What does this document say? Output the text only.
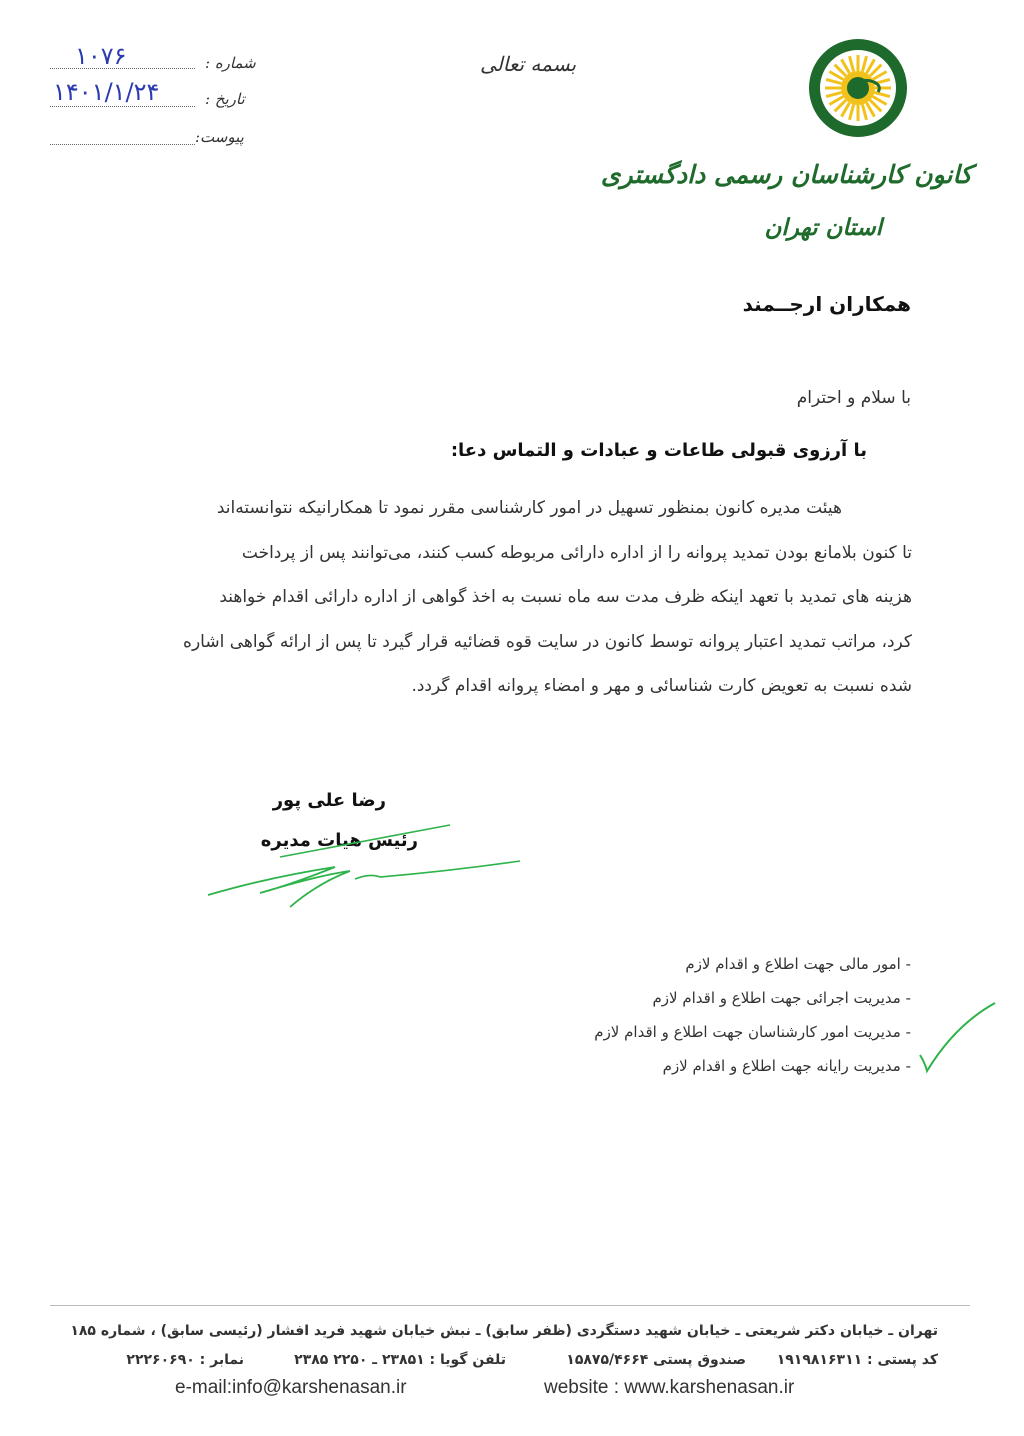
۱۰۷۶	شماره :
۱۴۰۱/۱/۲۴	تاریخ :
پیوست:
بسمه تعالی
کانون کارشناسان رسمی دادگستری
استان تهران
همکاران ارجــمند
با سلام و احترام
با آرزوی قبولی طاعات و عبادات و التماس دعا:
هیئت مدیره کانون بمنظور تسهیل در امور کارشناسی مقرر نمود تا همکارانیکه نتوانسته‌اند
تا کنون بلامانع بودن تمدید پروانه را از اداره دارائی مربوطه کسب کنند، می‌توانند پس از پرداخت
هزینه های تمدید با تعهد اینکه ظرف مدت سه ماه نسبت به اخذ گواهی از اداره دارائی اقدام خواهند
کرد، مراتب تمدید اعتبار پروانه توسط کانون در سایت قوه قضائیه قرار گیرد تا پس از ارائه گواهی اشاره
شده نسبت به تعویض کارت شناسائی و مهر و امضاء پروانه اقدام گردد.
رضا علی پور
رئیس هیات مدیره
- امور مالی جهت اطلاع و اقدام لازم
- مدیریت اجرائی جهت اطلاع و اقدام لازم
- مدیریت امور کارشناسان جهت اطلاع و اقدام لازم
- مدیریت رایانه جهت اطلاع و اقدام لازم
تهران ـ خیابان دکتر شریعتی ـ خیابان شهید دستگردی (ظفر سابق) ـ نبش خیابان شهید فرید افشار (رئیسی سابق) ، شماره ۱۸۵
کد پستی : ۱۹۱۹۸۱۶۳۱۱
صندوق پستی ۱۵۸۷۵/۴۶۶۴
تلفن گویا : ۲۳۸۵۱ ـ ۲۲۵۰ ۲۳۸۵
نمابر : ۲۲۲۶۰۶۹۰
e-mail:info@karshenasan.ir	website : www.karshenasan.ir
